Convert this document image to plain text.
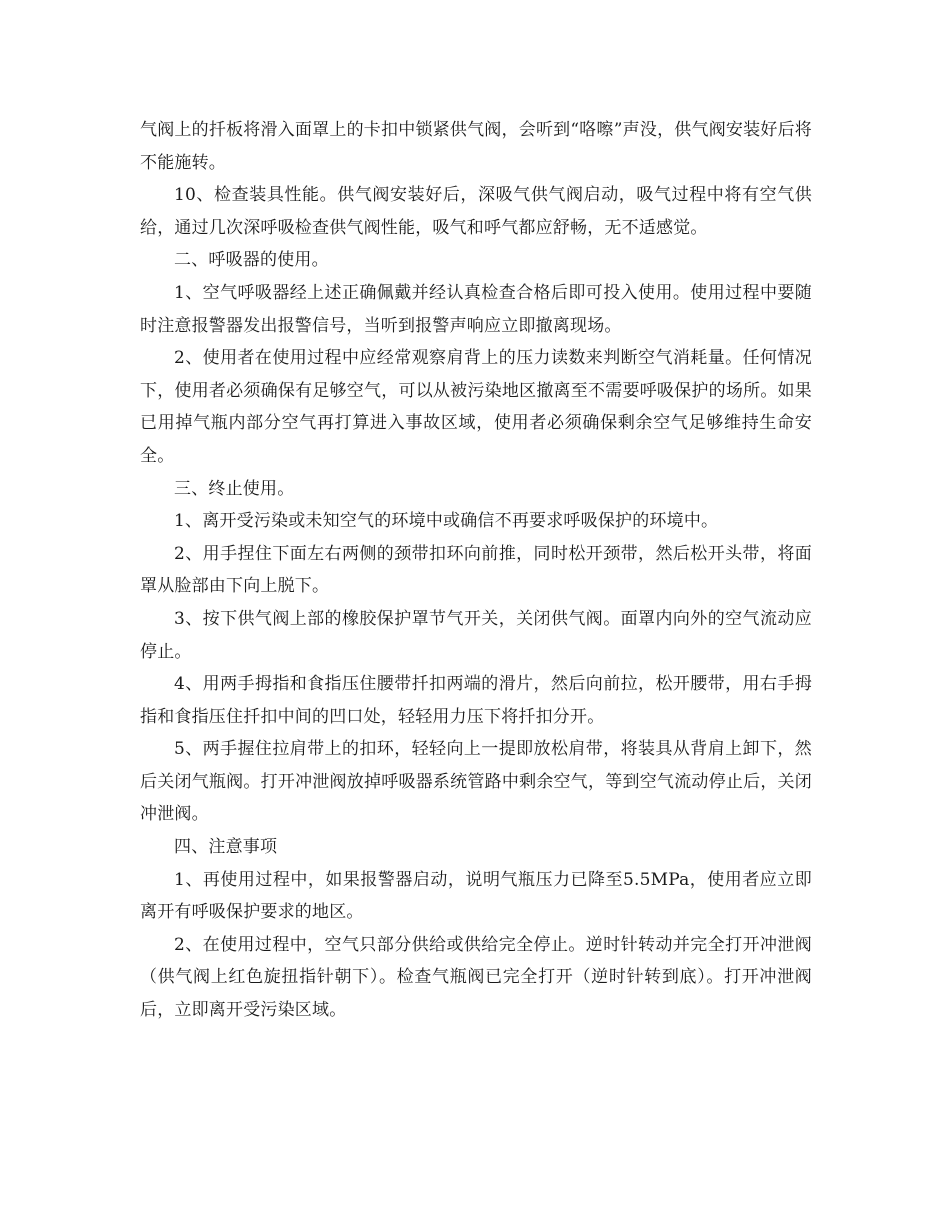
气阀上的扦板将滑入面罩上的卡扣中锁紧供气阀，会听到“咯嚓”声没，供气阀安装好后将不能施转。

10、检查装具性能。供气阀安装好后，深吸气供气阀启动，吸气过程中将有空气供给，通过几次深呼吸检查供气阀性能，吸气和呼气都应舒畅，无不适感觉。

二、呼吸器的使用。

1、空气呼吸器经上述正确佩戴并经认真检查合格后即可投入使用。使用过程中要随时注意报警器发出报警信号，当听到报警声响应立即撤离现场。

2、使用者在使用过程中应经常观察肩背上的压力读数来判断空气消耗量。任何情况下，使用者必须确保有足够空气，可以从被污染地区撤离至不需要呼吸保护的场所。如果已用掉气瓶内部分空气再打算进入事故区域，使用者必须确保剩余空气足够维持生命安全。

三、终止使用。

1、离开受污染或未知空气的环境中或确信不再要求呼吸保护的环境中。

2、用手捏住下面左右两侧的颈带扣环向前推，同时松开颈带，然后松开头带，将面罩从脸部由下向上脱下。

3、按下供气阀上部的橡胶保护罩节气开关，关闭供气阀。面罩内向外的空气流动应停止。

4、用两手拇指和食指压住腰带扦扣两端的滑片，然后向前拉，松开腰带，用右手拇指和食指压住扦扣中间的凹口处，轻轻用力压下将扦扣分开。

5、两手握住拉肩带上的扣环，轻轻向上一提即放松肩带，将装具从背肩上卸下，然后关闭气瓶阀。打开冲泄阀放掉呼吸器系统管路中剩余空气，等到空气流动停止后，关闭冲泄阀。

四、注意事项

1、再使用过程中，如果报警器启动，说明气瓶压力已降至5.5MPa，使用者应立即离开有呼吸保护要求的地区。

2、在使用过程中，空气只部分供给或供给完全停止。逆时针转动并完全打开冲泄阀（供气阀上红色旋扭指针朝下）。检查气瓶阀已完全打开（逆时针转到底）。打开冲泄阀后，立即离开受污染区域。
